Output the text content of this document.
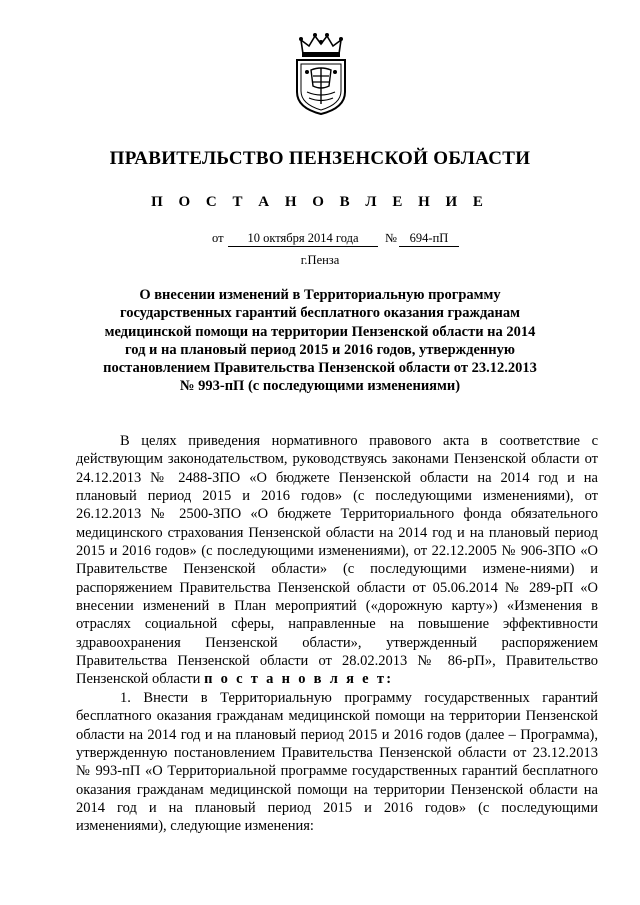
ПРАВИТЕЛЬСТВО ПЕНЗЕНСКОЙ ОБЛАСТИ
П О С Т А Н О В Л Е Н И Е
от	10 октября 2014 года	№	694-пП
г.Пенза
О внесении изменений в Территориальную программу государственных гарантий бесплатного оказания гражданам медицинской помощи на территории Пензенской области на 2014 год и на плановый период 2015 и 2016 годов, утвержденную постановлением Правительства Пензенской области от 23.12.2013 № 993-пП (с последующими изменениями)

В целях приведения нормативного правового акта в соответствие с действующим законодательством, руководствуясь законами Пензенской области от 24.12.2013 № 2488-ЗПО «О бюджете Пензенской области на 2014 год и на плановый период 2015 и 2016 годов» (с последующими изменениями), от 26.12.2013 № 2500-ЗПО «О бюджете Территориального фонда обязательного медицинского страхования Пензенской области на 2014 год и на плановый период 2015 и 2016 годов» (с последующими изменениями), от 22.12.2005 № 906-ЗПО «О Правительстве Пензенской области» (с последующими измене-ниями) и распоряжением Правительства Пензенской области от 05.06.2014 № 289-рП «О внесении изменений в План мероприятий («дорожную карту») «Изменения в отраслях социальной сферы, направленные на повышение эффективности здравоохранения Пензенской области», утвержденный распоряжением Правительства Пензенской области от 28.02.2013 № 86-рП», Правительство Пензенской области п о с т а н о в л я е т:

1. Внести в Территориальную программу государственных гарантий бесплатного оказания гражданам медицинской помощи на территории Пензенской области на 2014 год и на плановый период 2015 и 2016 годов (далее – Программа), утвержденную постановлением Правительства Пензенской области от 23.12.2013 № 993-пП «О Территориальной программе государственных гарантий бесплатного оказания гражданам медицинской помощи на территории Пензенской области на 2014 год и на плановый период 2015 и 2016 годов» (с последующими изменениями), следующие изменения:
